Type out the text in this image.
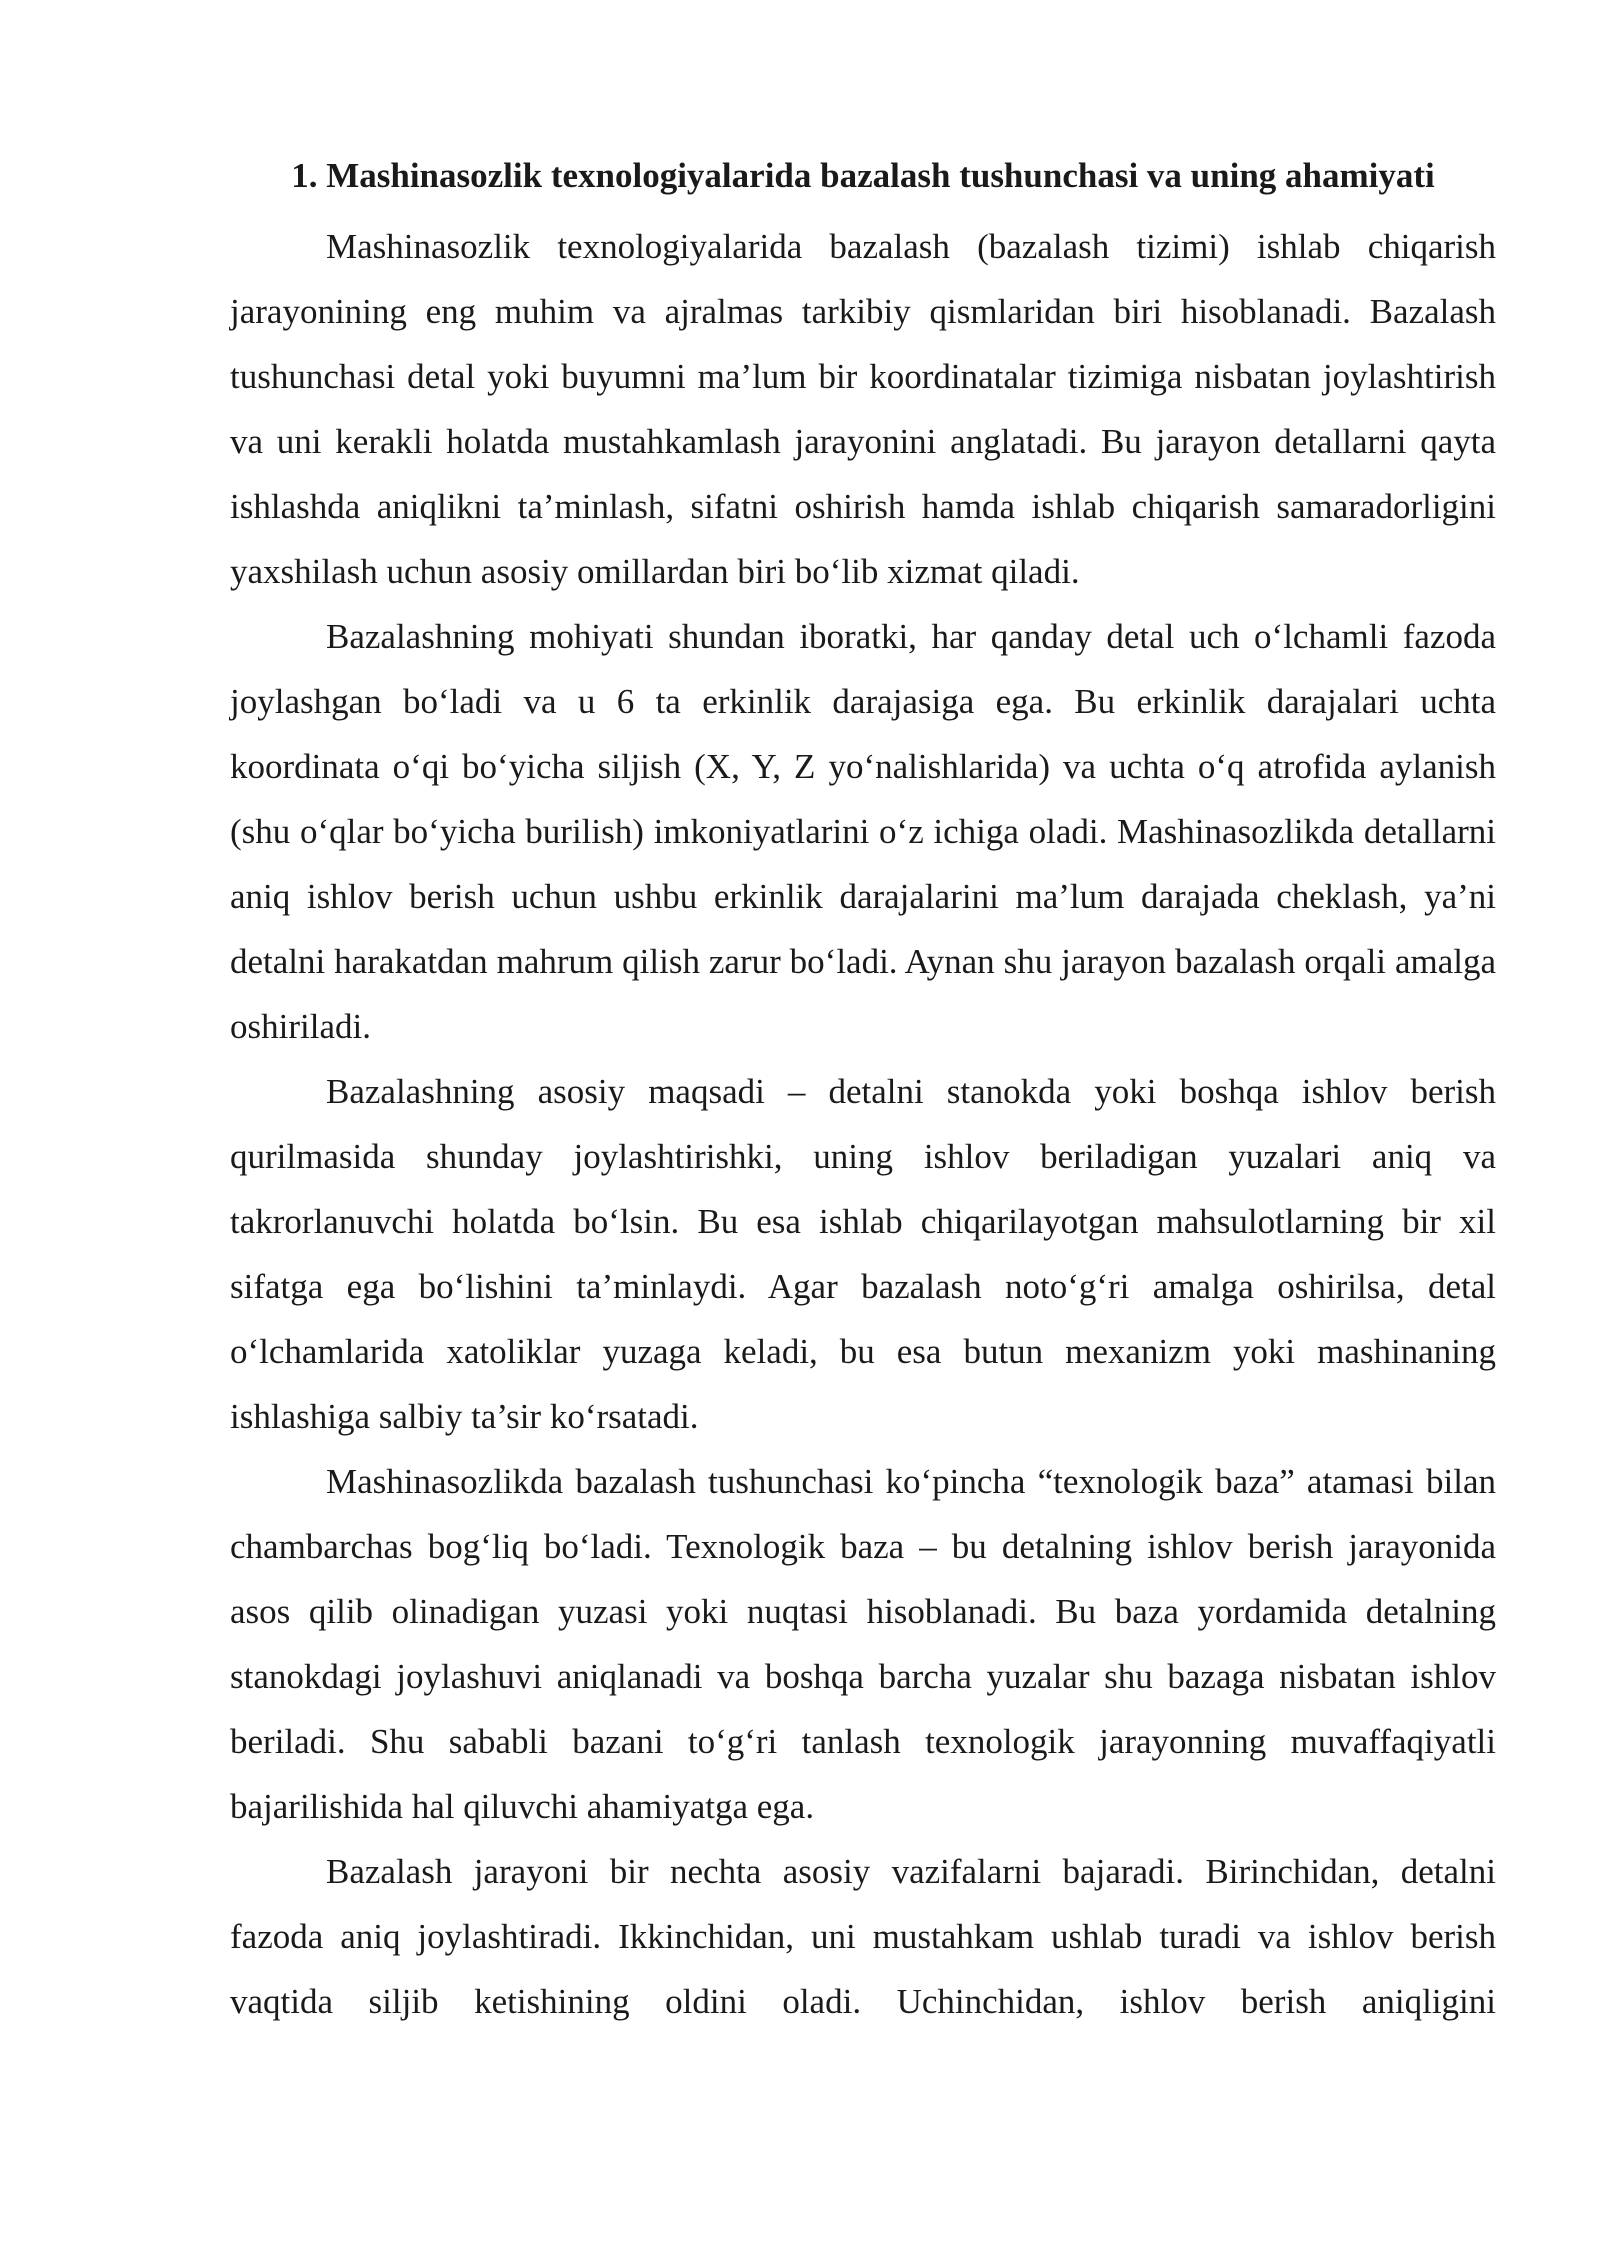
1. Mashinasozlik texnologiyalarida bazalash tushunchasi va uning ahamiyati

Mashinasozlik texnologiyalarida bazalash (bazalash tizimi) ishlab chiqarish jarayonining eng muhim va ajralmas tarkibiy qismlaridan biri hisoblanadi. Bazalash tushunchasi detal yoki buyumni ma’lum bir koordinatalar tizimiga nisbatan joylashtirish va uni kerakli holatda mustahkamlash jarayonini anglatadi. Bu jarayon detallarni qayta ishlashda aniqlikni ta’minlash, sifatni oshirish hamda ishlab chiqarish samaradorligini yaxshilash uchun asosiy omillardan biri bo‘lib xizmat qiladi.

Bazalashning mohiyati shundan iboratki, har qanday detal uch o‘lchamli fazoda joylashgan bo‘ladi va u 6 ta erkinlik darajasiga ega. Bu erkinlik darajalari uchta koordinata o‘qi bo‘yicha siljish (X, Y, Z yo‘nalishlarida) va uchta o‘q atrofida aylanish (shu o‘qlar bo‘yicha burilish) imkoniyatlarini o‘z ichiga oladi. Mashinasozlikda detallarni aniq ishlov berish uchun ushbu erkinlik darajalarini ma’lum darajada cheklash, ya’ni detalni harakatdan mahrum qilish zarur bo‘ladi. Aynan shu jarayon bazalash orqali amalga oshiriladi.

Bazalashning asosiy maqsadi – detalni stanokda yoki boshqa ishlov berish qurilmasida shunday joylashtirishki, uning ishlov beriladigan yuzalari aniq va takrorlanuvchi holatda bo‘lsin. Bu esa ishlab chiqarilayotgan mahsulotlarning bir xil sifatga ega bo‘lishini ta’minlaydi. Agar bazalash noto‘g‘ri amalga oshirilsa, detal o‘lchamlarida xatoliklar yuzaga keladi, bu esa butun mexanizm yoki mashinaning ishlashiga salbiy ta’sir ko‘rsatadi.

Mashinasozlikda bazalash tushunchasi ko‘pincha “texnologik baza” atamasi bilan chambarchas bog‘liq bo‘ladi. Texnologik baza – bu detalning ishlov berish jarayonida asos qilib olinadigan yuzasi yoki nuqtasi hisoblanadi. Bu baza yordamida detalning stanokdagi joylashuvi aniqlanadi va boshqa barcha yuzalar shu bazaga nisbatan ishlov beriladi. Shu sababli bazani to‘g‘ri tanlash texnologik jarayonning muvaffaqiyatli bajarilishida hal qiluvchi ahamiyatga ega.

Bazalash jarayoni bir nechta asosiy vazifalarni bajaradi. Birinchidan, detalni fazoda aniq joylashtiradi. Ikkinchidan, uni mustahkam ushlab turadi va ishlov berish vaqtida siljib ketishining oldini oladi. Uchinchidan, ishlov berish aniqligini
